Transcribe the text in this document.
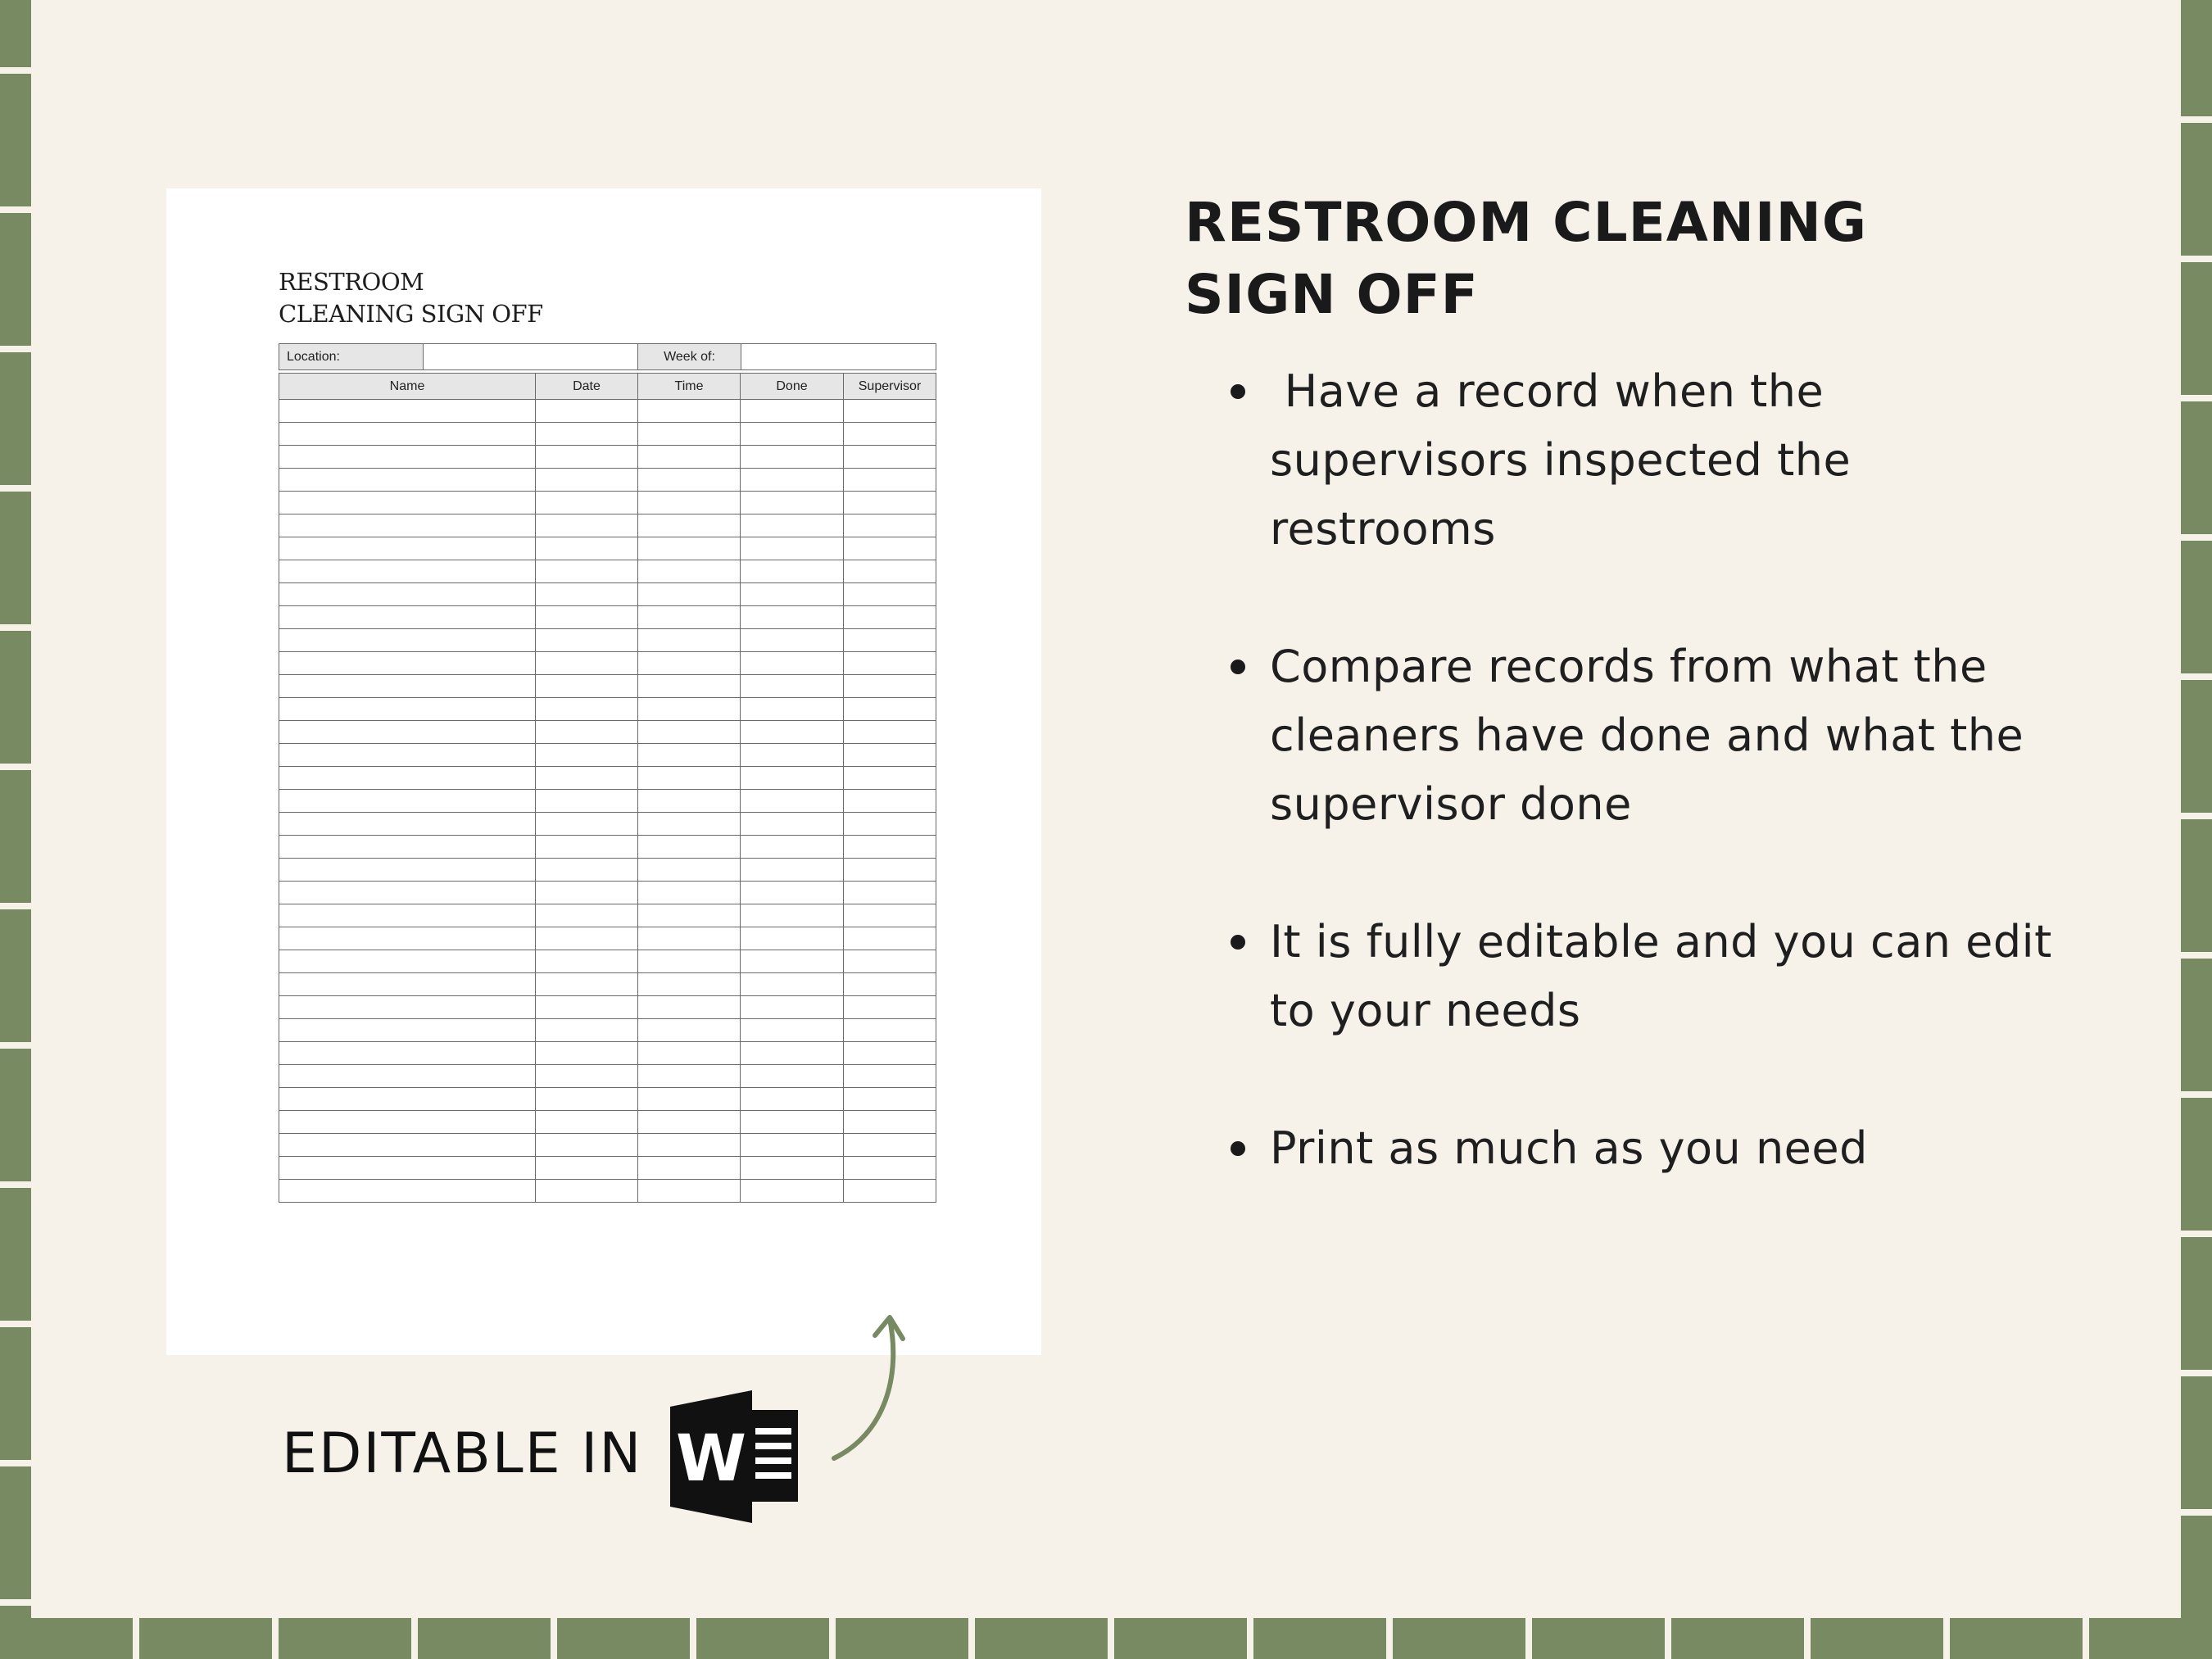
RESTROOM
CLEANING SIGN OFF
Location:		Week of:	
Name	Date	Time	Done	Supervisor

RESTROOM CLEANING SIGN OFF
Have a record when the supervisors inspected the restrooms
Compare records from what the cleaners have done and what the supervisor done
It is fully editable and you can edit to your needs
Print as much as you need
EDITABLE IN W
